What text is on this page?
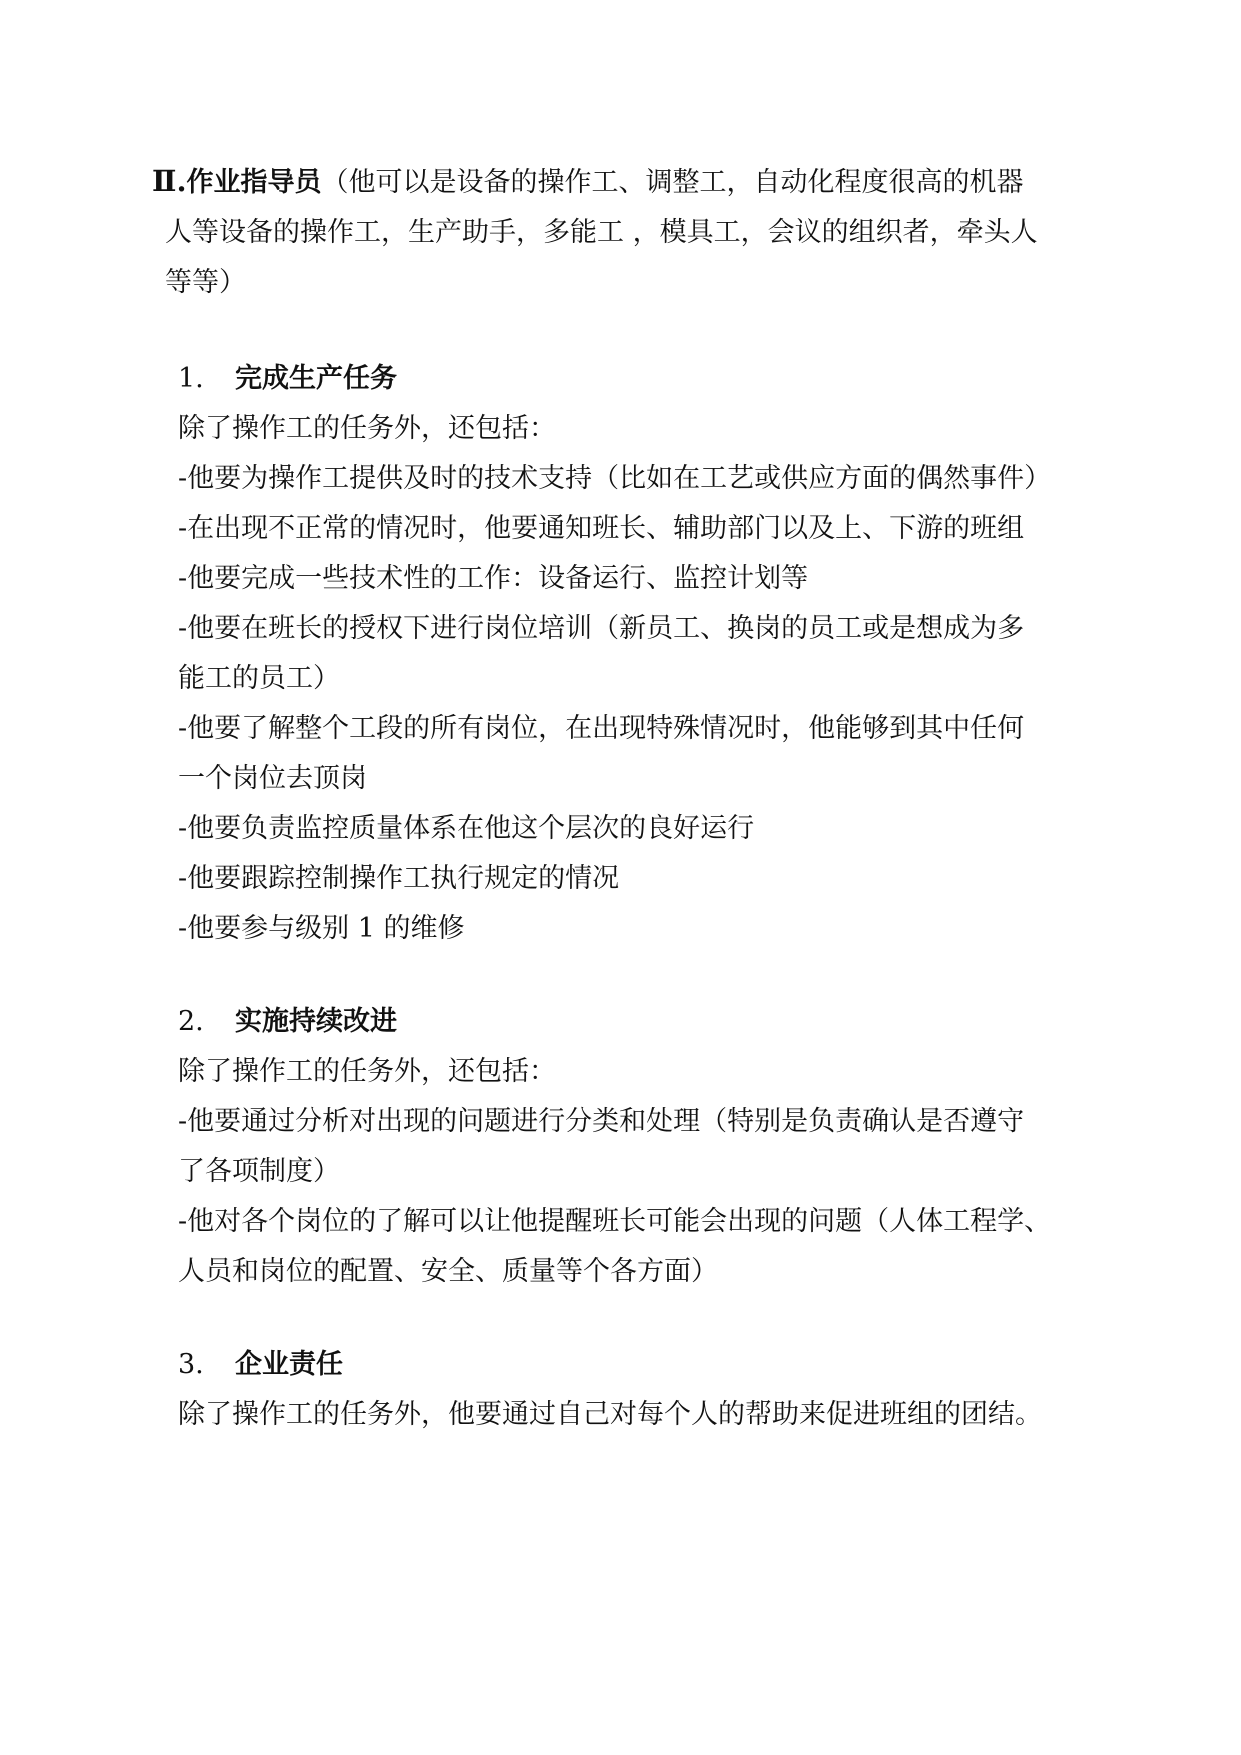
Ⅱ.作业指导员（他可以是设备的操作工、调整工，自动化程度很高的机器
人等设备的操作工，生产助手，多能工 ，模具工，会议的组织者，牵头人
等等）
1. 完成生产任务
除了操作工的任务外，还包括：
-他要为操作工提供及时的技术支持（比如在工艺或供应方面的偶然事件）
-在出现不正常的情况时，他要通知班长、辅助部门以及上、下游的班组
-他要完成一些技术性的工作：设备运行、监控计划等
-他要在班长的授权下进行岗位培训（新员工、换岗的员工或是想成为多
能工的员工）
-他要了解整个工段的所有岗位，在出现特殊情况时，他能够到其中任何
一个岗位去顶岗
-他要负责监控质量体系在他这个层次的良好运行
-他要跟踪控制操作工执行规定的情况
-他要参与级别 1 的维修
2. 实施持续改进
除了操作工的任务外，还包括：
-他要通过分析对出现的问题进行分类和处理（特别是负责确认是否遵守
了各项制度）
-他对各个岗位的了解可以让他提醒班长可能会出现的问题（人体工程学、
人员和岗位的配置、安全、质量等个各方面）
3. 企业责任
除了操作工的任务外，他要通过自己对每个人的帮助来促进班组的团结。
